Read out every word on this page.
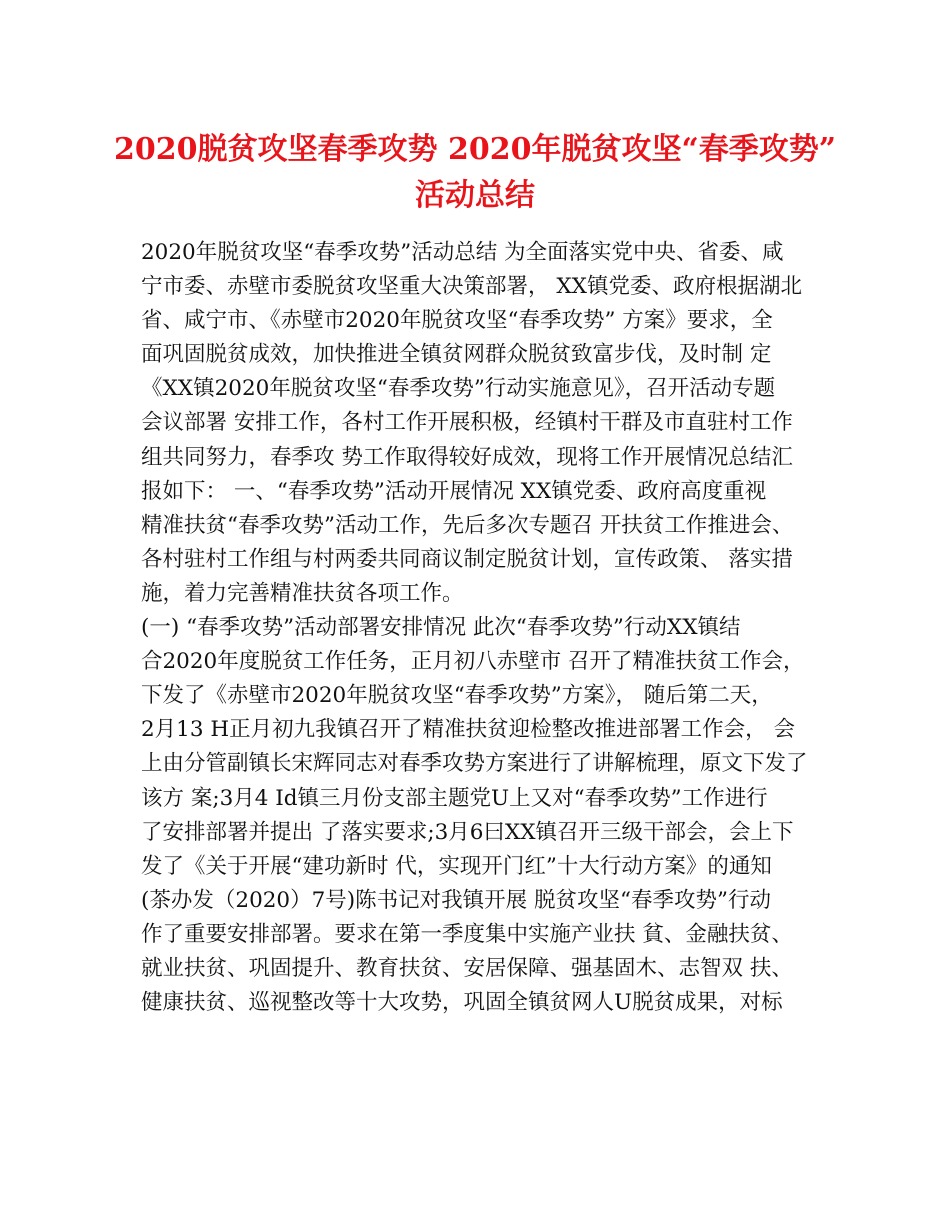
2020脱贫攻坚春季攻势 2020年脱贫攻坚“春季攻势”
活动总结
2020年脱贫攻坚“春季攻势”活动总结 为全面落实党中央、省委、咸
宁市委、赤壁市委脱贫攻坚重大决策部署， XX镇党委、政府根据湖北
省、咸宁市、《赤壁市2020年脱贫攻坚“春季攻势” 方案》要求，全
面巩固脱贫成效，加快推进全镇贫网群众脱贫致富步伐，及时制 定
《XX镇2020年脱贫攻坚“春季攻势”行动实施意见》，召开活动专题
会议部署 安排工作，各村工作开展积极，经镇村干群及市直驻村工作
组共同努力，春季攻 势工作取得较好成效，现将工作开展情况总结汇
报如下： 一、“春季攻势”活动开展情况 XX镇党委、政府高度重视
精准扶贫“春季攻势”活动工作，先后多次专题召 开扶贫工作推进会、
各村驻村工作组与村两委共同商议制定脱贫计划，宣传政策、 落实措
施，着力完善精准扶贫各项工作。
(一) “春季攻势”活动部署安排情况 此次“春季攻势”行动XX镇结
合2020年度脱贫工作任务，正月初八赤壁市 召开了精准扶贫工作会，
下发了《赤壁市2020年脱贫攻坚“春季攻势”方案》， 随后第二天，
2月13 H正月初九我镇召开了精准扶贫迎检整改推进部署工作会， 会
上由分管副镇长宋辉同志对春季攻势方案进行了讲解梳理，原文下发了
该方 案;3月4 Id镇三月份支部主题党U上又对“春季攻势”工作进行
了安排部署并提出 了落实要求;3月6曰XX镇召开三级干部会，会上下
发了《关于开展“建功新时 代，实现开门红”十大行动方案》的通知
(茶办发（2020）7号)陈书记对我镇开展 脱贫攻坚“春季攻势”行动
作了重要安排部署。要求在第一季度集中实施产业扶 貧、金融扶贫、
就业扶贫、巩固提升、教育扶贫、安居保障、强基固木、志智双 扶、
健康扶贫、巡视整改等十大攻势，巩固全镇贫网人U脱贫成果，对标
